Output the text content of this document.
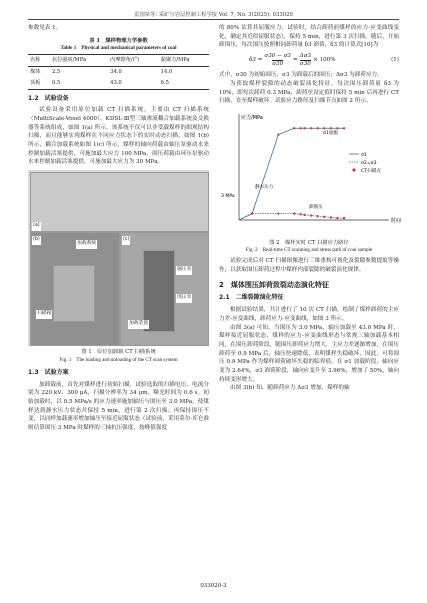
雷国荣等: 采矿与岩层控制工程学报 Vol. 7, No. 3(2025): 033020

参数见表 1。

表 1　煤样物理力学参数
Table 1　Physical and mechanical parameters of coal
名称	抗拉强度/MPa	内摩擦角/(°)	黏聚力/MPa
煤体	2.5	34.0	14.0
顶板	0.5	43.0	6.5
1.2　试验设备

试验设备采用原位加载 CT 扫描系统，主要由 CT 扫描系统（MultiScale-Voxel 4000）、KDSL-Ⅲ型三轴渗流耦合加载系统及交换器等系统组成，如图 1(a) 所示。该系统不仅可以非受载煤样的细观结构扫描，而且能够实现煤样在不同应力状态下的实时动态扫描，如图 1(b) 所示，耦合加载系统如图 1(c) 所示，煤样的轴向荷载由轴压泵驱动水来控制加载活塞提供，可施加最大应力 100 MPa，围压荷载由环压泵驱动水来控制加载活塞提供，可施加最大应力为 30 MPa。

(a)
(b)
扫描箱
(c)
轴压泵
围压泵
加载装置
加载系统
图 1　原位加卸载 CT 扫描系统
Fig. 1　The loading and unloading of the CT scan system
1.3　试验方案

加卸载前，首先对煤样进行初始扫描，试验选取的扫描电压、电流分别为 220 kV、300 μA，扫描分辨率为 34 μm，曝光时间为 0.6 s。初始加载时，以 0.5 MPa/s 的应力速率施加轴压与围压至 3.0 MPa，使煤样达到静水压力状态并保持 5 min，进行第 2 次扫描；再保持围压不变，以同样加载速率增加轴压至接近屈服状态（试验前，采用莫尔-库仑准则估算围压 3 MPa 时煤样的三轴抗压强度，按峰值强度

的 80% 估算其屈服应力；试验时，结合卸荷前煤样的应力-应变曲线变化，确定其近似屈服状态），保持 5 min，进行第 3 次扫描。随后，开始卸围压，每次围压按照相同卸荷量 δ3 卸荷，δ3 的计算式[10]为

$\delta 3 = \frac{\sigma 30 - \sigma 3}{\sigma 30} = \frac{\Delta\sigma 3}{\sigma 30} \times 100\%$	(1)

式中，σ30 为初始围压；σ3 为卸载后的围压；Δσ3 为卸荷应力。

为获取煤样裂隙的动态破裂演化特征，每次围压卸荷量 δ3 为 10%，即每次卸荷 0.3 MPa，卸荷至设定值时保持 5 min 后再进行 CT 扫描，直至煤样破坏。试验应力路径及扫描节点如图 2 所示。

时间
应力/MPa
3 MPa
σ1屈服
卸围压
静水压力
σ1
σ2=σ3
CT扫描点
图 2　煤样实时 CT 扫描应力路径
Fig. 2　Real-time CT scanning and stress path of coal sample

试验完成后对 CT 扫描图像进行三维重构可视化及裂隙参数提取等操作，以获取围压卸荷过程中煤样内部裂隙的破裂演化规律。

2　煤体围压卸荷致裂动态演化特征
2.1　二维裂隙演化特征

根据试验结果，共计进行了 10 次 CT 扫描，绘制了煤样卸荷的主应力差-应变曲线，卸荷应力-应变曲线，如图 3 所示。

由图 3(a) 可知，当围压为 3.0 MPa，轴压加载至 43.0 MPa 时，煤样接近屈服状态，煤样的应力-应变曲线形态与常规三轴加载基本相同，在围压卸荷阶段，随围压卸荷应力增大，主应力差逐渐增加，在围压卸荷至 0.9 MPa 后，轴压快速降低，表明煤样失稳破坏，因此，可将围压 0.9 MPa 作为煤样卸荷破坏失稳的临界值。在 σ1 加载阶段，轴向应变为 2.64%，σ3 卸荷阶段，轴向应变升至 3.96%，增加了 50%，轴向持续变形增大。

由图 3(b) 知，随卸荷应力 Δσ3 增加，煤样的轴

033020-3
